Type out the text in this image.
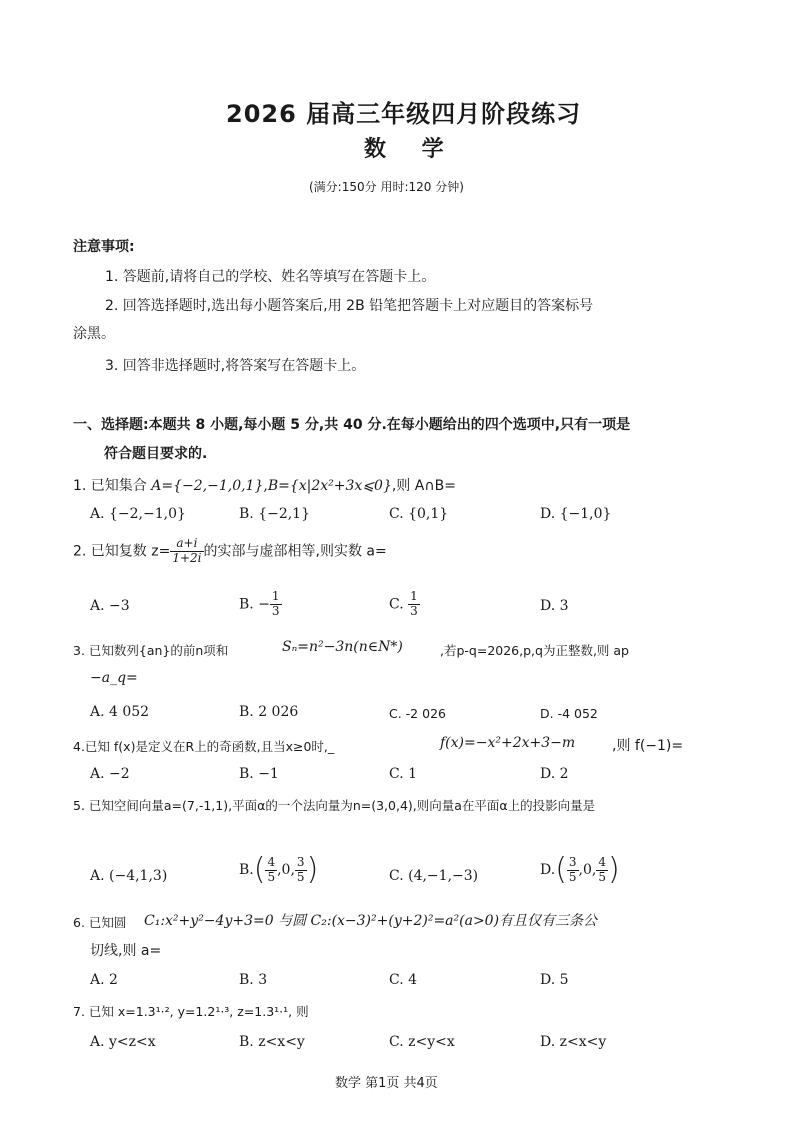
2026 届高三年级四月阶段练习
数 学
(满分:150分 用时:120 分钟)
注意事项:
1. 答题前,请将自己的学校、姓名等填写在答题卡上。
2. 回答选择题时,选出每小题答案后,用 2B 铅笔把答题卡上对应题目的答案标号
涂黑。
3. 回答非选择题时,将答案写在答题卡上。
一、选择题:本题共 8 小题,每小题 5 分,共 40 分.在每小题给出的四个选项中,只有一项是
符合题目要求的.
1. 已知集合 A={−2,−1,0,1},B={x|2x²+3x⩽0},则 A∩B=
A. {−2,−1,0}	B. {−2,1}	C. {0,1}	D. {−1,0}
2. 已知复数 $z= \frac{a+i}{1+2i}$ 的实部与虚部相等,则实数 a=
A. −3	B. − $\frac{1}{3}$	C. $\frac{1}{3}$	D. 3
3. 已知数列{an}的前n项和	Sₙ=n²−3n(n∈N*)	,若p-q=2026,p,q为正整数,则 ap
−a_q=
A. 4 052	B. 2 026	C. -2 026	D. -4 052
4.已知 f(x)是定义在R上的奇函数,且当x≥0时,_	f(x)=−x²+2x+3−m	,则 f(−1)=
A. −2	B. −1	C. 1	D. 2
5. 已知空间向量a=(7,-1,1),平面α的一个法向量为n=(3,0,4),则向量a在平面α上的投影向量是
A. (−4,1,3)	$B.( \frac{4}{5} ,0$, $\frac{3}{5}$ )	C. (4,−1,−3)	$D.( \frac{3}{5} ,0$, $\frac{4}{5}$ )
6. 已知圆 C₁:x²+y²−4y+3=0 与圆 C₂:(x−3)²+(y+2)²=a²(a>0)有且仅有三条公
切线,则 a=
A. 2	B. 3	C. 4	D. 5
7. 已知 x=1.3¹·², y=1.2¹·³, z=1.3¹·¹, 则
A. y<z<x	B. z<x<y	C. z<y<x	D. z<x<y
数学 第1页 共4页
